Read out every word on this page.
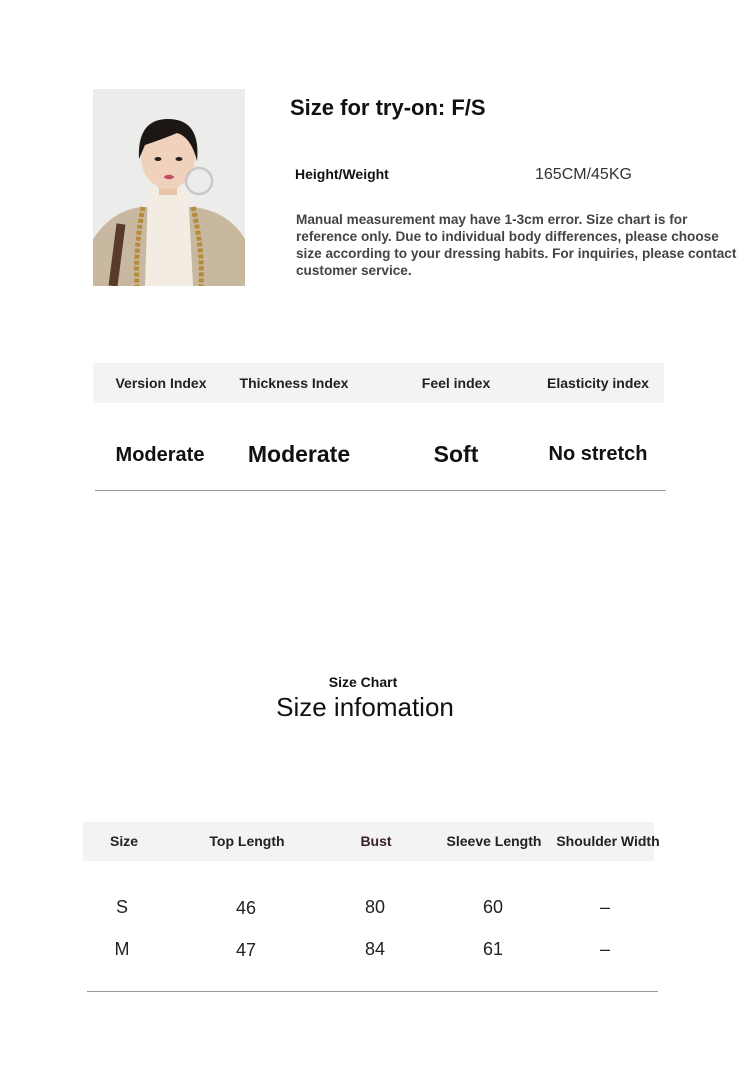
Size for try-on: F/S
Height/Weight	165CM/45KG
Manual measurement may have 1-3cm error. Size chart is for reference only. Due to individual body differences, please choose size according to your dressing habits. For inquiries, please contact customer service.
Version Index	Thickness Index	Feel index	Elasticity index
Moderate	Moderate	Soft	No stretch
Size Chart
Size infomation
Size	Top Length	Bust	Sleeve Length	Shoulder Width
S	46	80	60	–
M	47	84	61	–
